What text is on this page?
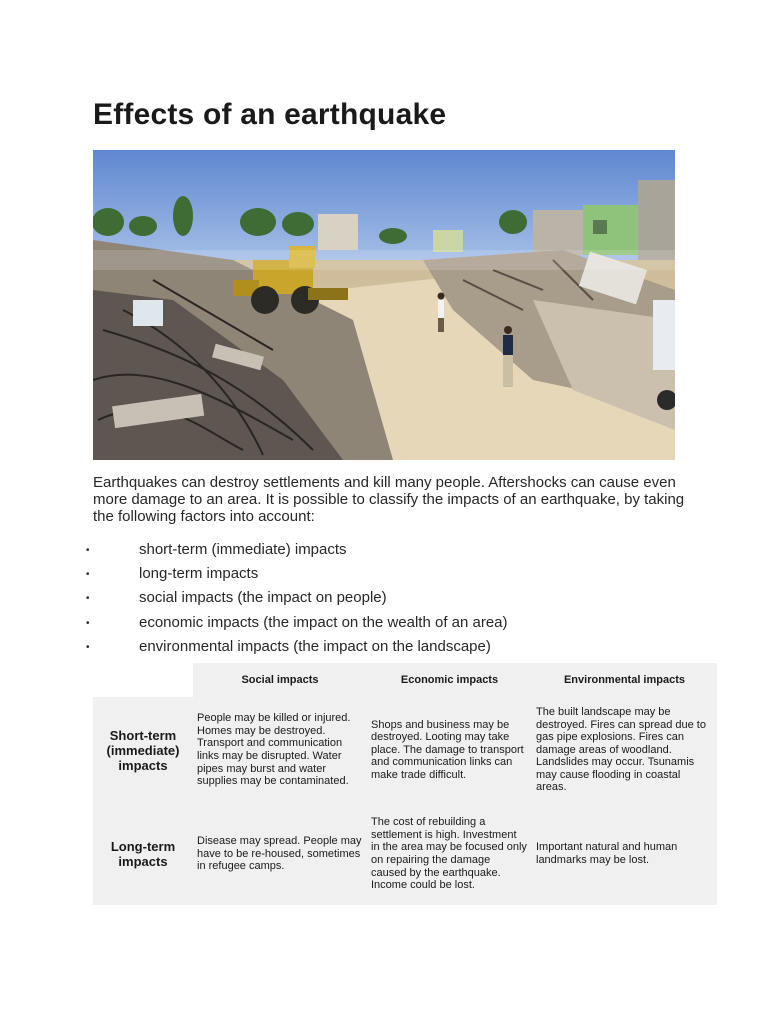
Effects of an earthquake

Earthquakes can destroy settlements and kill many people. Aftershocks can cause even more damage to an area. It is possible to classify the impacts of an earthquake, by taking the following factors into account:

•	short-term (immediate) impacts
•	long-term impacts
•	social impacts (the impact on people)
•	economic impacts (the impact on the wealth of an area)
•	environmental impacts (the impact on the landscape)
	Social impacts	Economic impacts	Environmental impacts
Short-term (immediate) impacts	People may be killed or injured. Homes may be destroyed. Transport and communication links may be disrupted. Water pipes may burst and water supplies may be contaminated.	Shops and business may be destroyed. Looting may take place. The damage to transport and communication links can make trade difficult.	The built landscape may be destroyed. Fires can spread due to gas pipe explosions. Fires can damage areas of woodland. Landslides may occur. Tsunamis may cause flooding in coastal areas.
Long-term impacts	Disease may spread. People may have to be re-housed, sometimes in refugee camps.	The cost of rebuilding a settlement is high. Investment in the area may be focused only on repairing the damage caused by the earthquake. Income could be lost.	Important natural and human landmarks may be lost.
